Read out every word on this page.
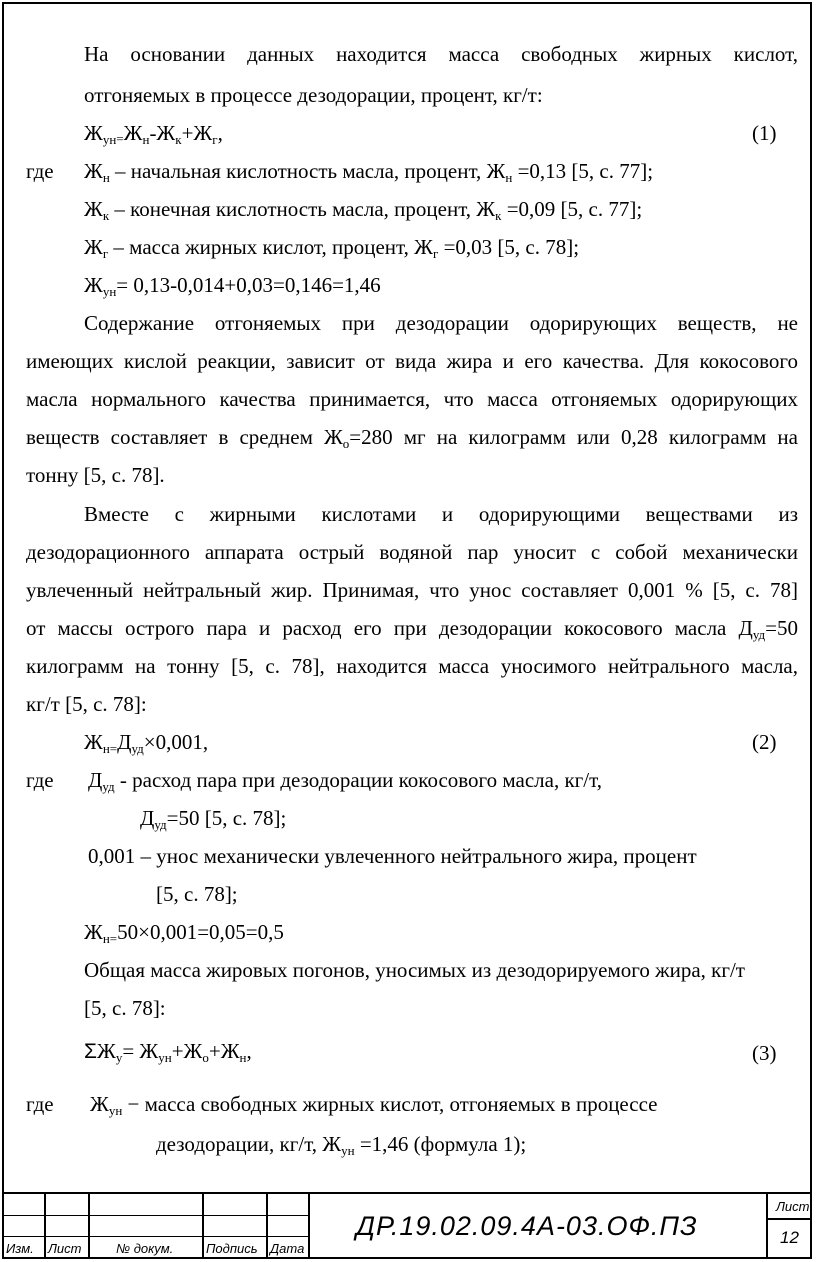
На основании данных находится масса свободных жирных кислот,
отгоняемых в процессе дезодорации, процент, кг/т:
$Ж_{ун}=Ж_н-Ж_к+Ж_г$,	(1)
где $Ж_н$ – начальная кислотность масла, процент, $Ж_н =0,13$ [5, с. 77];
$Ж_к$ – конечная кислотность масла, процент, $Ж_к =0,09$ [5, с. 77];
$Ж_г$ – масса жирных кислот, процент, $Ж_г =0,03$ [5, с. 78];
$Ж_{ун}= 0,13-0,014+0,03=0,146=1,46$
Содержание отгоняемых при дезодорации одорирующих веществ, не
имеющих кислой реакции, зависит от вида жира и его качества. Для кокосового
масла нормального качества принимается, что масса отгоняемых одорирующих
веществ составляет в среднем $Ж_о=280$ мг на килограмм или 0,28 килограмм на
тонну [5, с. 78].
Вместе с жирными кислотами и одорирующими веществами из
дезодорационного аппарата острый водяной пар уносит с собой механически
увлеченный нейтральный жир. Принимая, что унос составляет 0,001 % [5, с. 78]
от массы острого пара и расход его при дезодорации кокосового масла $Д_{уд}=50$
килограмм на тонну [5, с. 78], находится масса уносимого нейтрального масла,
кг/т [5, с. 78]:
$Ж_{н=}Д_{уд}\times 0,001$,	(2)
где $Д_{уд}$ - расход пара при дезодорации кокосового масла, кг/т,
$Д_{уд}=50$ [5, с. 78];
0,001 – унос механически увлеченного нейтрального жира, процент
[5, с. 78];
$Ж_{н=}50\times 0,001=0,05=0,5$
Общая масса жировых погонов, уносимых из дезодорируемого жира, кг/т
[5, с. 78]:
$\Sigma Ж_у= Ж_{ун}+Ж_о+Ж_н$,	(3)
где $Ж_{ун}$ − масса свободных жирных кислот, отгоняемых в процессе
дезодорации, кг/т, $Ж_{ун} =1,46$ (формула 1);
Изм. Лист	№ докум.	Подпись Дата
ДР.19.02.09.4А-03.ОФ.ПЗ
Лист
12
